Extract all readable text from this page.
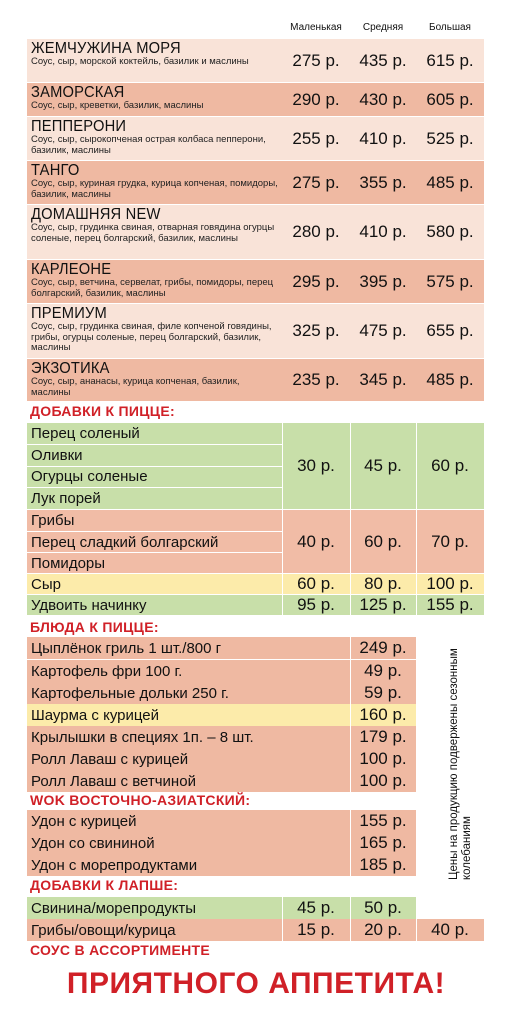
Маленькая	Средняя	Большая
ЖЕМЧУЖИНА МОРЯ
Соус, сыр, морской коктейль, базилик и маслины	275 р.	435 р.	615 р.
ЗАМОРСКАЯ
Соус, сыр, креветки, базилик, маслины	290 р.	430 р.	605 р.
ПЕППЕРОНИ
Соус, сыр, сырокопченая острая колбаса пепперони, базилик, маслины
255 р.	410 р.	525 р.
ТАНГО
Соус, сыр, куриная грудка, курица копченая, помидоры, базилик, маслины
275 р.	355 р.	485 р.
ДОМАШНЯЯ NEW
Соус, сыр, грудинка свиная, отварная говядина огурцы соленые, перец болгарский, базилик, маслины	280 р.	410 р.	580 р.
КАРЛЕОНЕ
Соус, сыр, ветчина, сервелат, грибы, помидоры, перец болгарский, базилик, маслины
295 р.	395 р.	575 р.
ПРЕМИУМ
Соус, сыр, грудинка свиная, филе копченой говядины, грибы, огурцы соленые, перец болгарский, базилик, маслины
325 р.	475 р.	655 р.
ЭКЗОТИКА
Соус, сыр, ананасы, курица копченая, базилик, маслины
235 р.	345 р.	485 р.
ДОБАВКИ К ПИЦЦЕ:
Перец соленый
Оливки
Огурцы соленые
Лук порей
30 р.	45 р.	60 р.
Грибы
Перец сладкий болгарский
Помидоры
40 р.	60 р.	70 р.
Сыр	60 р.	80 р.	100 р.
Удвоить начинку	95 р.	125 р.	155 р.
БЛЮДА К ПИЦЦЕ:
Цыплёнок гриль 1 шт./800 г	249 р.
Картофель фри 100 г.	49 р.
Картофельные дольки 250 г.	59 р.
Шаурма с курицей	160 р.
Крылышки в специях 1п. – 8 шт.	179 р.
Ролл Лаваш с курицей	100 р.
Ролл Лаваш с ветчиной	100 р.
WOK ВОСТОЧНО-АЗИАТСКИЙ:
Удон с курицей	155 р.
Удон со свининой	165 р.
Удон с морепродуктами	185 р.
ДОБАВКИ К ЛАПШЕ:
Свинина/морепродукты	45 р.	50 р.
Грибы/овощи/курица	15 р.	20 р.	40 р.
СОУС В АССОРТИМЕНТЕ
Цены на продукцию подвержены сезонным колебаниям
ПРИЯТНОГО АППЕТИТА!
